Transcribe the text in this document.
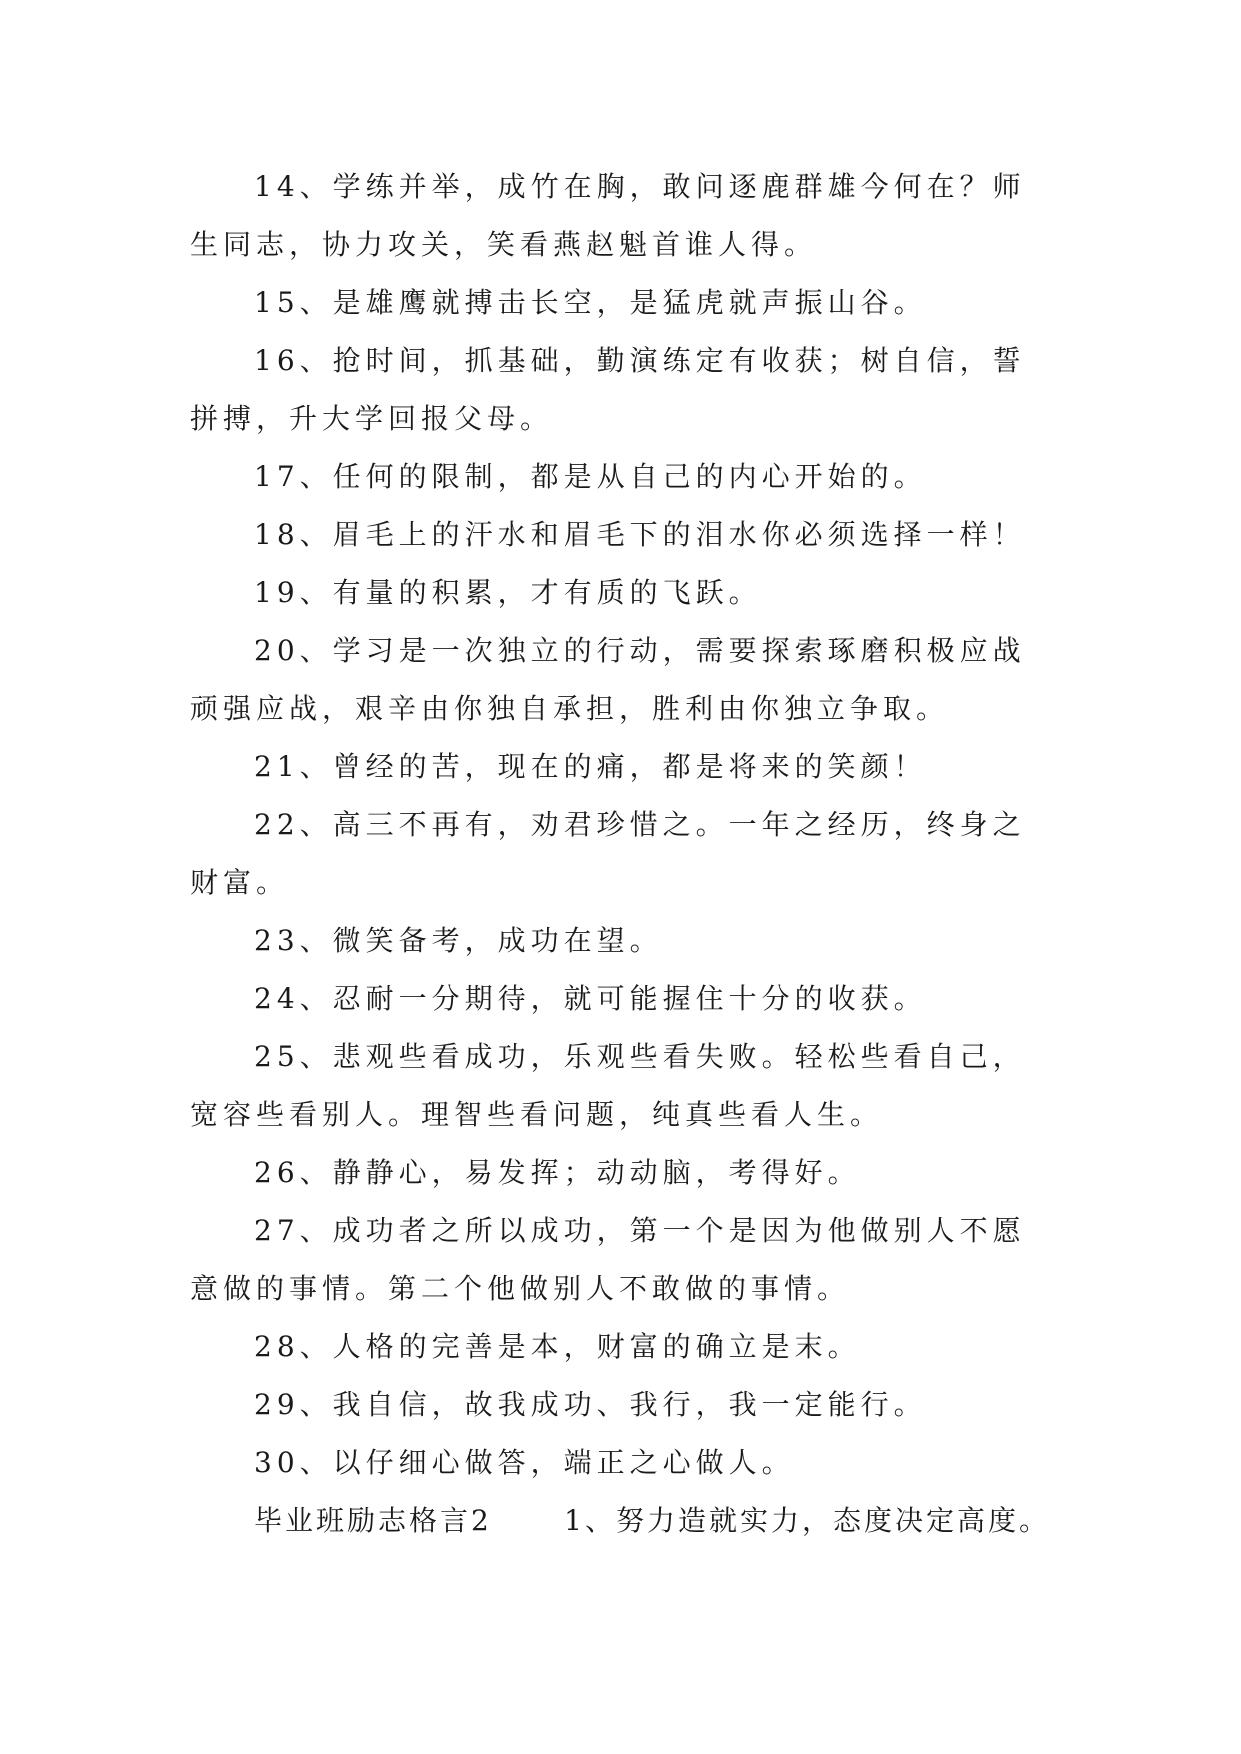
14、学练并举，成竹在胸，敢问逐鹿群雄今何在？师生同志，协力攻关，笑看燕赵魁首谁人得。

15、是雄鹰就搏击长空，是猛虎就声振山谷。

16、抢时间，抓基础，勤演练定有收获；树自信，誓拼搏，升大学回报父母。

17、任何的限制，都是从自己的内心开始的。

18、眉毛上的汗水和眉毛下的泪水你必须选择一样！

19、有量的积累，才有质的飞跃。

20、学习是一次独立的行动，需要探索琢磨积极应战顽强应战，艰辛由你独自承担，胜利由你独立争取。

21、曾经的苦，现在的痛，都是将来的笑颜！

22、高三不再有，劝君珍惜之。一年之经历，终身之财富。

23、微笑备考，成功在望。

24、忍耐一分期待，就可能握住十分的收获。

25、悲观些看成功，乐观些看失败。轻松些看自己，宽容些看别人。理智些看问题，纯真些看人生。

26、静静心，易发挥；动动脑，考得好。

27、成功者之所以成功，第一个是因为他做别人不愿意做的事情。第二个他做别人不敢做的事情。

28、人格的完善是本，财富的确立是末。

29、我自信，故我成功、我行，我一定能行。

30、以仔细心做答，端正之心做人。

毕业班励志格言2	1、努力造就实力，态度决定高度。
